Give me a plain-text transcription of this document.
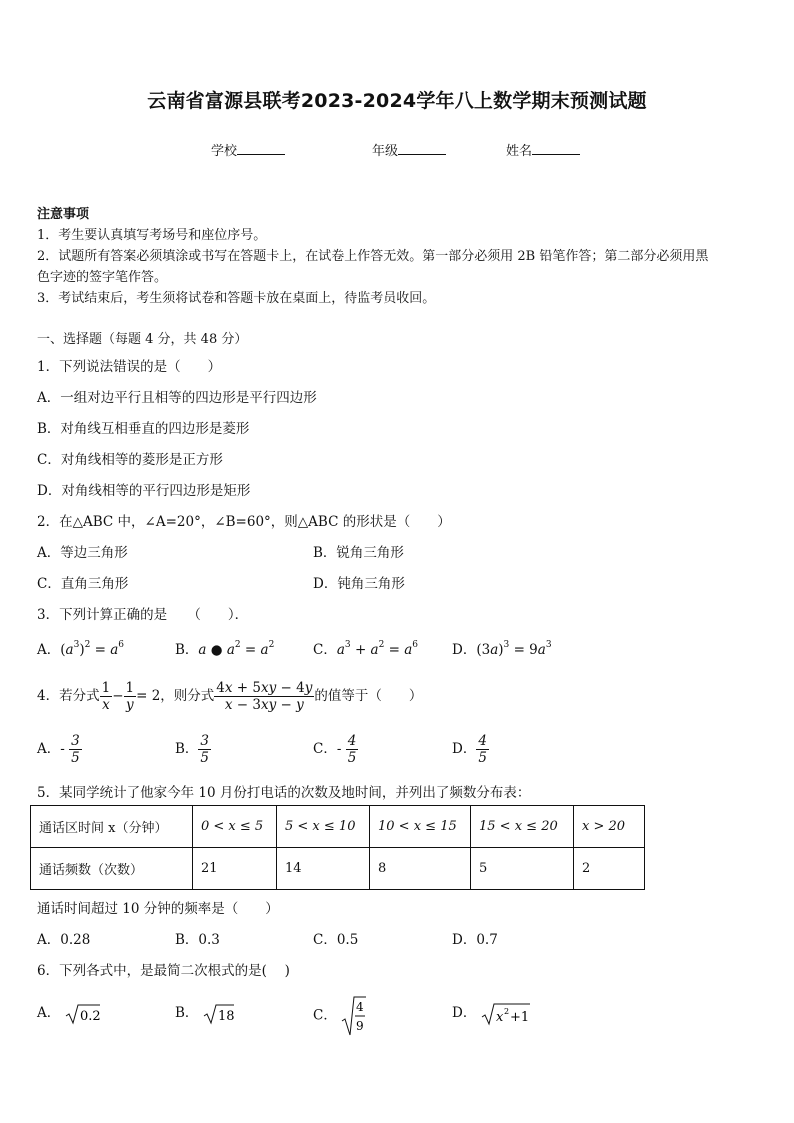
云南省富源县联考2023-2024学年八上数学期末预测试题
学校	年级	姓名
注意事项
1．考生要认真填写考场号和座位序号。
2．试题所有答案必须填涂或书写在答题卡上，在试卷上作答无效。第一部分必须用 2B 铅笔作答；第二部分必须用黑
色字迹的签字笔作答。
3．考试结束后，考生须将试卷和答题卡放在桌面上，待监考员收回。
一、选择题（每题 4 分，共 48 分）
1．下列说法错误的是（　　）
A．一组对边平行且相等的四边形是平行四边形
B．对角线互相垂直的四边形是菱形
C．对角线相等的菱形是正方形
D．对角线相等的平行四边形是矩形
2．在△ABC 中，∠A=20°，∠B=60°，则△ABC 的形状是（　　）
A．等边三角形	B．锐角三角形
C．直角三角形	D．钝角三角形
3．下列计算正确的是　　（　　）．
A．$(a^3)^2 = a^6$	B．a ● $a^2 = a^2$	C．$a^3 + a^2 = a^6$	D．$(3a)^3 = 9a^3$
4．若分式 $\frac{1}{x} - \frac{1}{y} = 2$，则分式 $\frac{4x + 5xy - 4y}{x - 3xy - y}$ 的值等于（　　）
A．- $\frac{3}{5}$	B． $\frac{3}{5}$	C．- $\frac{4}{5}$	D． $\frac{4}{5}$
5．某同学统计了他家今年 10 月份打电话的次数及地时间，并列出了频数分布表：
通话区时间 x（分钟）	0 < x ≤ 5	5 < x ≤ 10	10 < x ≤ 15	15 < x ≤ 20	x > 20
通话频数（次数）	21	14	8	5	2
通话时间超过 10 分钟的频率是（　　）
A．0.28	B．0.3	C．0.5	D．0.7
6．下列各式中，是最简二次根式的是(　 )
A． 0.2	B． 18	C．
4
9
D． x 2 +1
